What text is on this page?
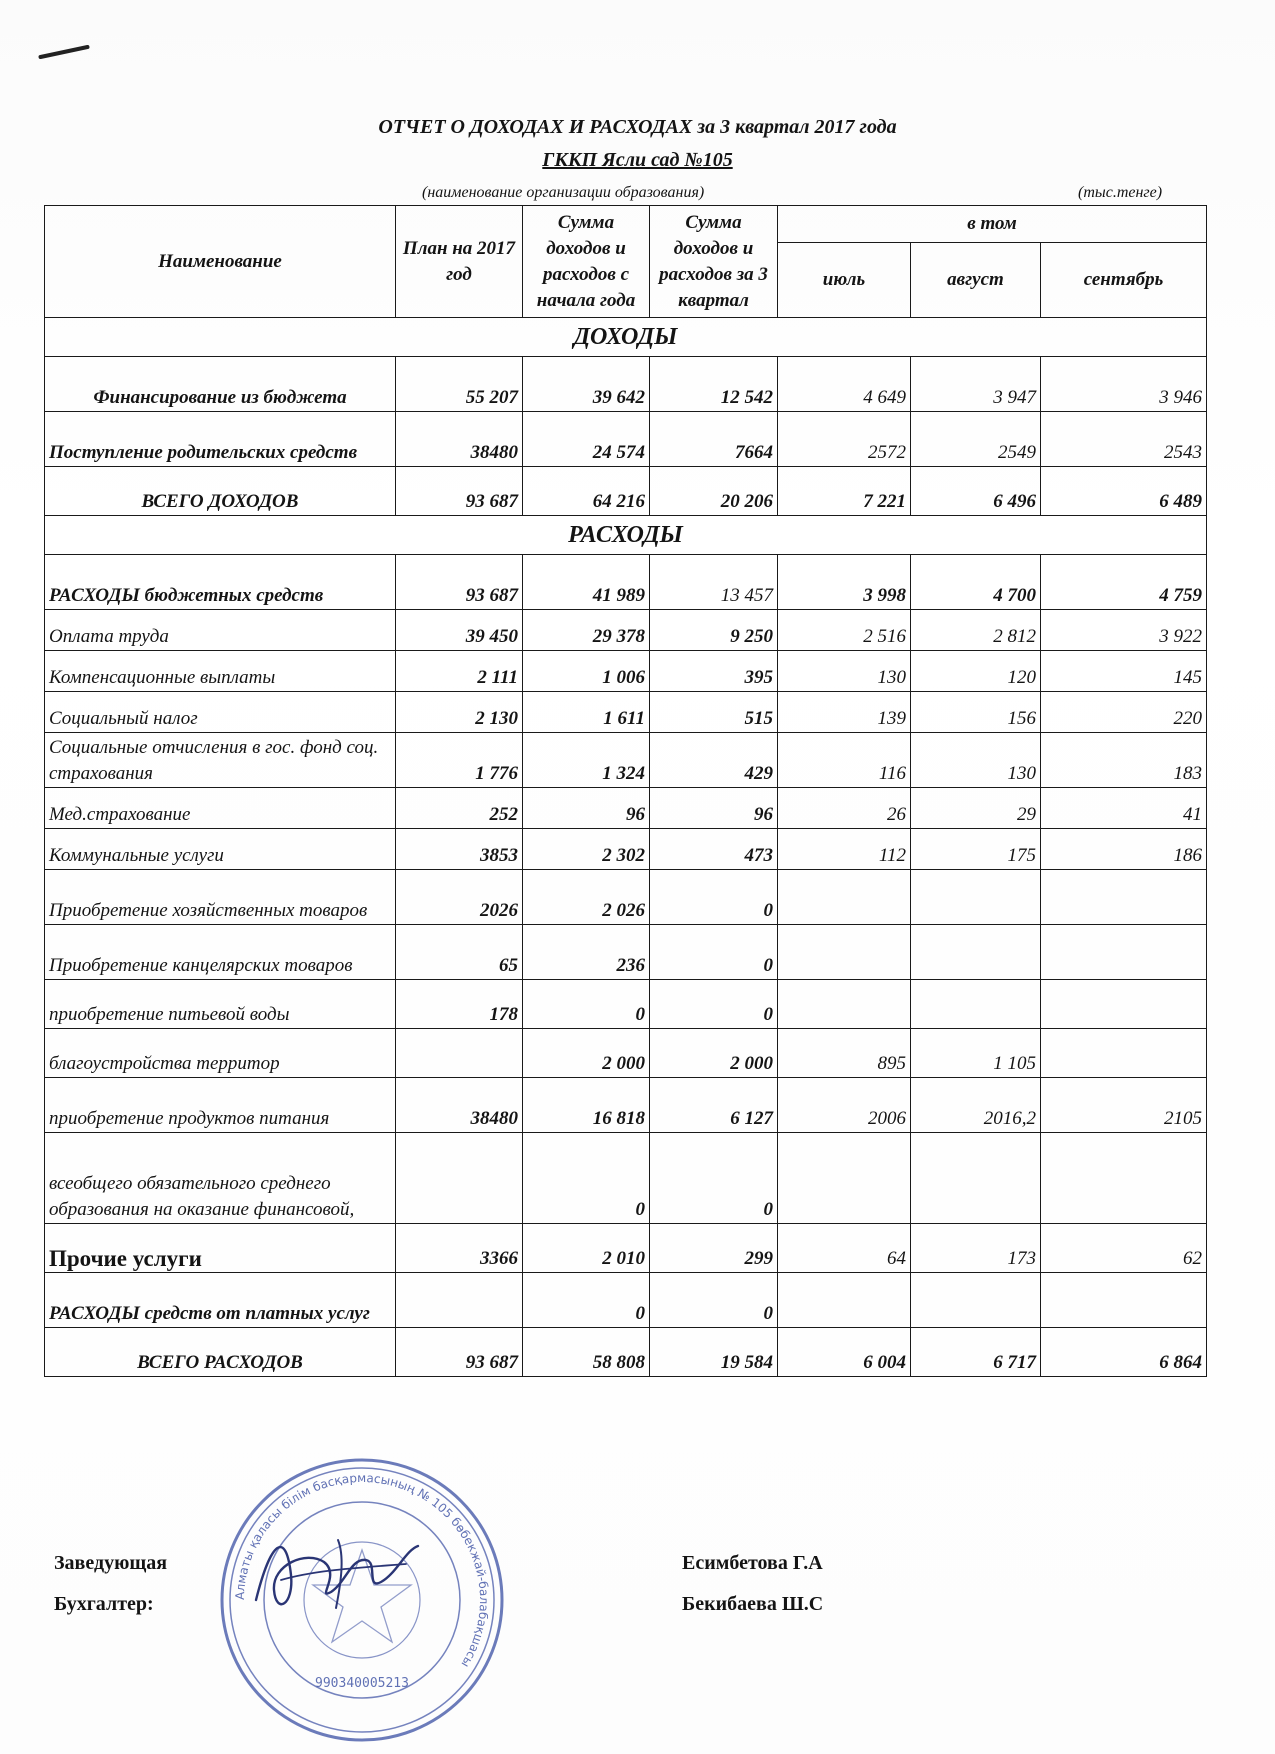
ОТЧЕТ О ДОХОДАХ И РАСХОДАХ за 3 квартал 2017 года
ГККП Ясли сад №105
(наименование организации образования)	(тыс.тенге)
Наименование	План на 2017 год	Сумма доходов и расходов с начала года	Сумма доходов и расходов за 3 квартал	в том		
				июль	август	сентябрь
ДОХОДЫ						
Финансирование из бюджета	55 207	39 642	12 542	4 649	3 947	3 946
Поступление родительских средств	38480	24 574	7664	2572	2549	2543
ВСЕГО ДОХОДОВ	93 687	64 216	20 206	7 221	6 496	6 489
РАСХОДЫ						
РАСХОДЫ бюджетных средств	93 687	41 989	13 457	3 998	4 700	4 759
Оплата труда	39 450	29 378	9 250	2 516	2 812	3 922
Компенсационные выплаты	2 111	1 006	395	130	120	145
Социальный налог	2 130	1 611	515	139	156	220
Социальные отчисления в гос. фонд соц. страхования	1 776	1 324	429	116	130	183
Мед.страхование	252	96	96	26	29	41
Коммунальные услуги	3853	2 302	473	112	175	186
Приобретение хозяйственных товаров	2026	2 026	0			
Приобретение канцелярских товаров	65	236	0			
приобретение питьевой воды	178	0	0			
благоустройства территор		2 000	2 000	895	1 105	
приобретение продуктов питания	38480	16 818	6 127	2006	2016,2	2105
всеобщего обязательного среднего образования на оказание финансовой,		0	0			
Прочие услуги	3366	2 010	299	64	173	62
РАСХОДЫ средств от платных услуг		0	0			
ВСЕГО РАСХОДОВ	93 687	58 808	19 584	6 004	6 717	6 864
Алматы қаласы білім басқармасының № 105 бөбекжай-балабақшасы
990340005213
Заведующая	Есимбетова Г.А
Бухгалтер:	Бекибаева Ш.С
